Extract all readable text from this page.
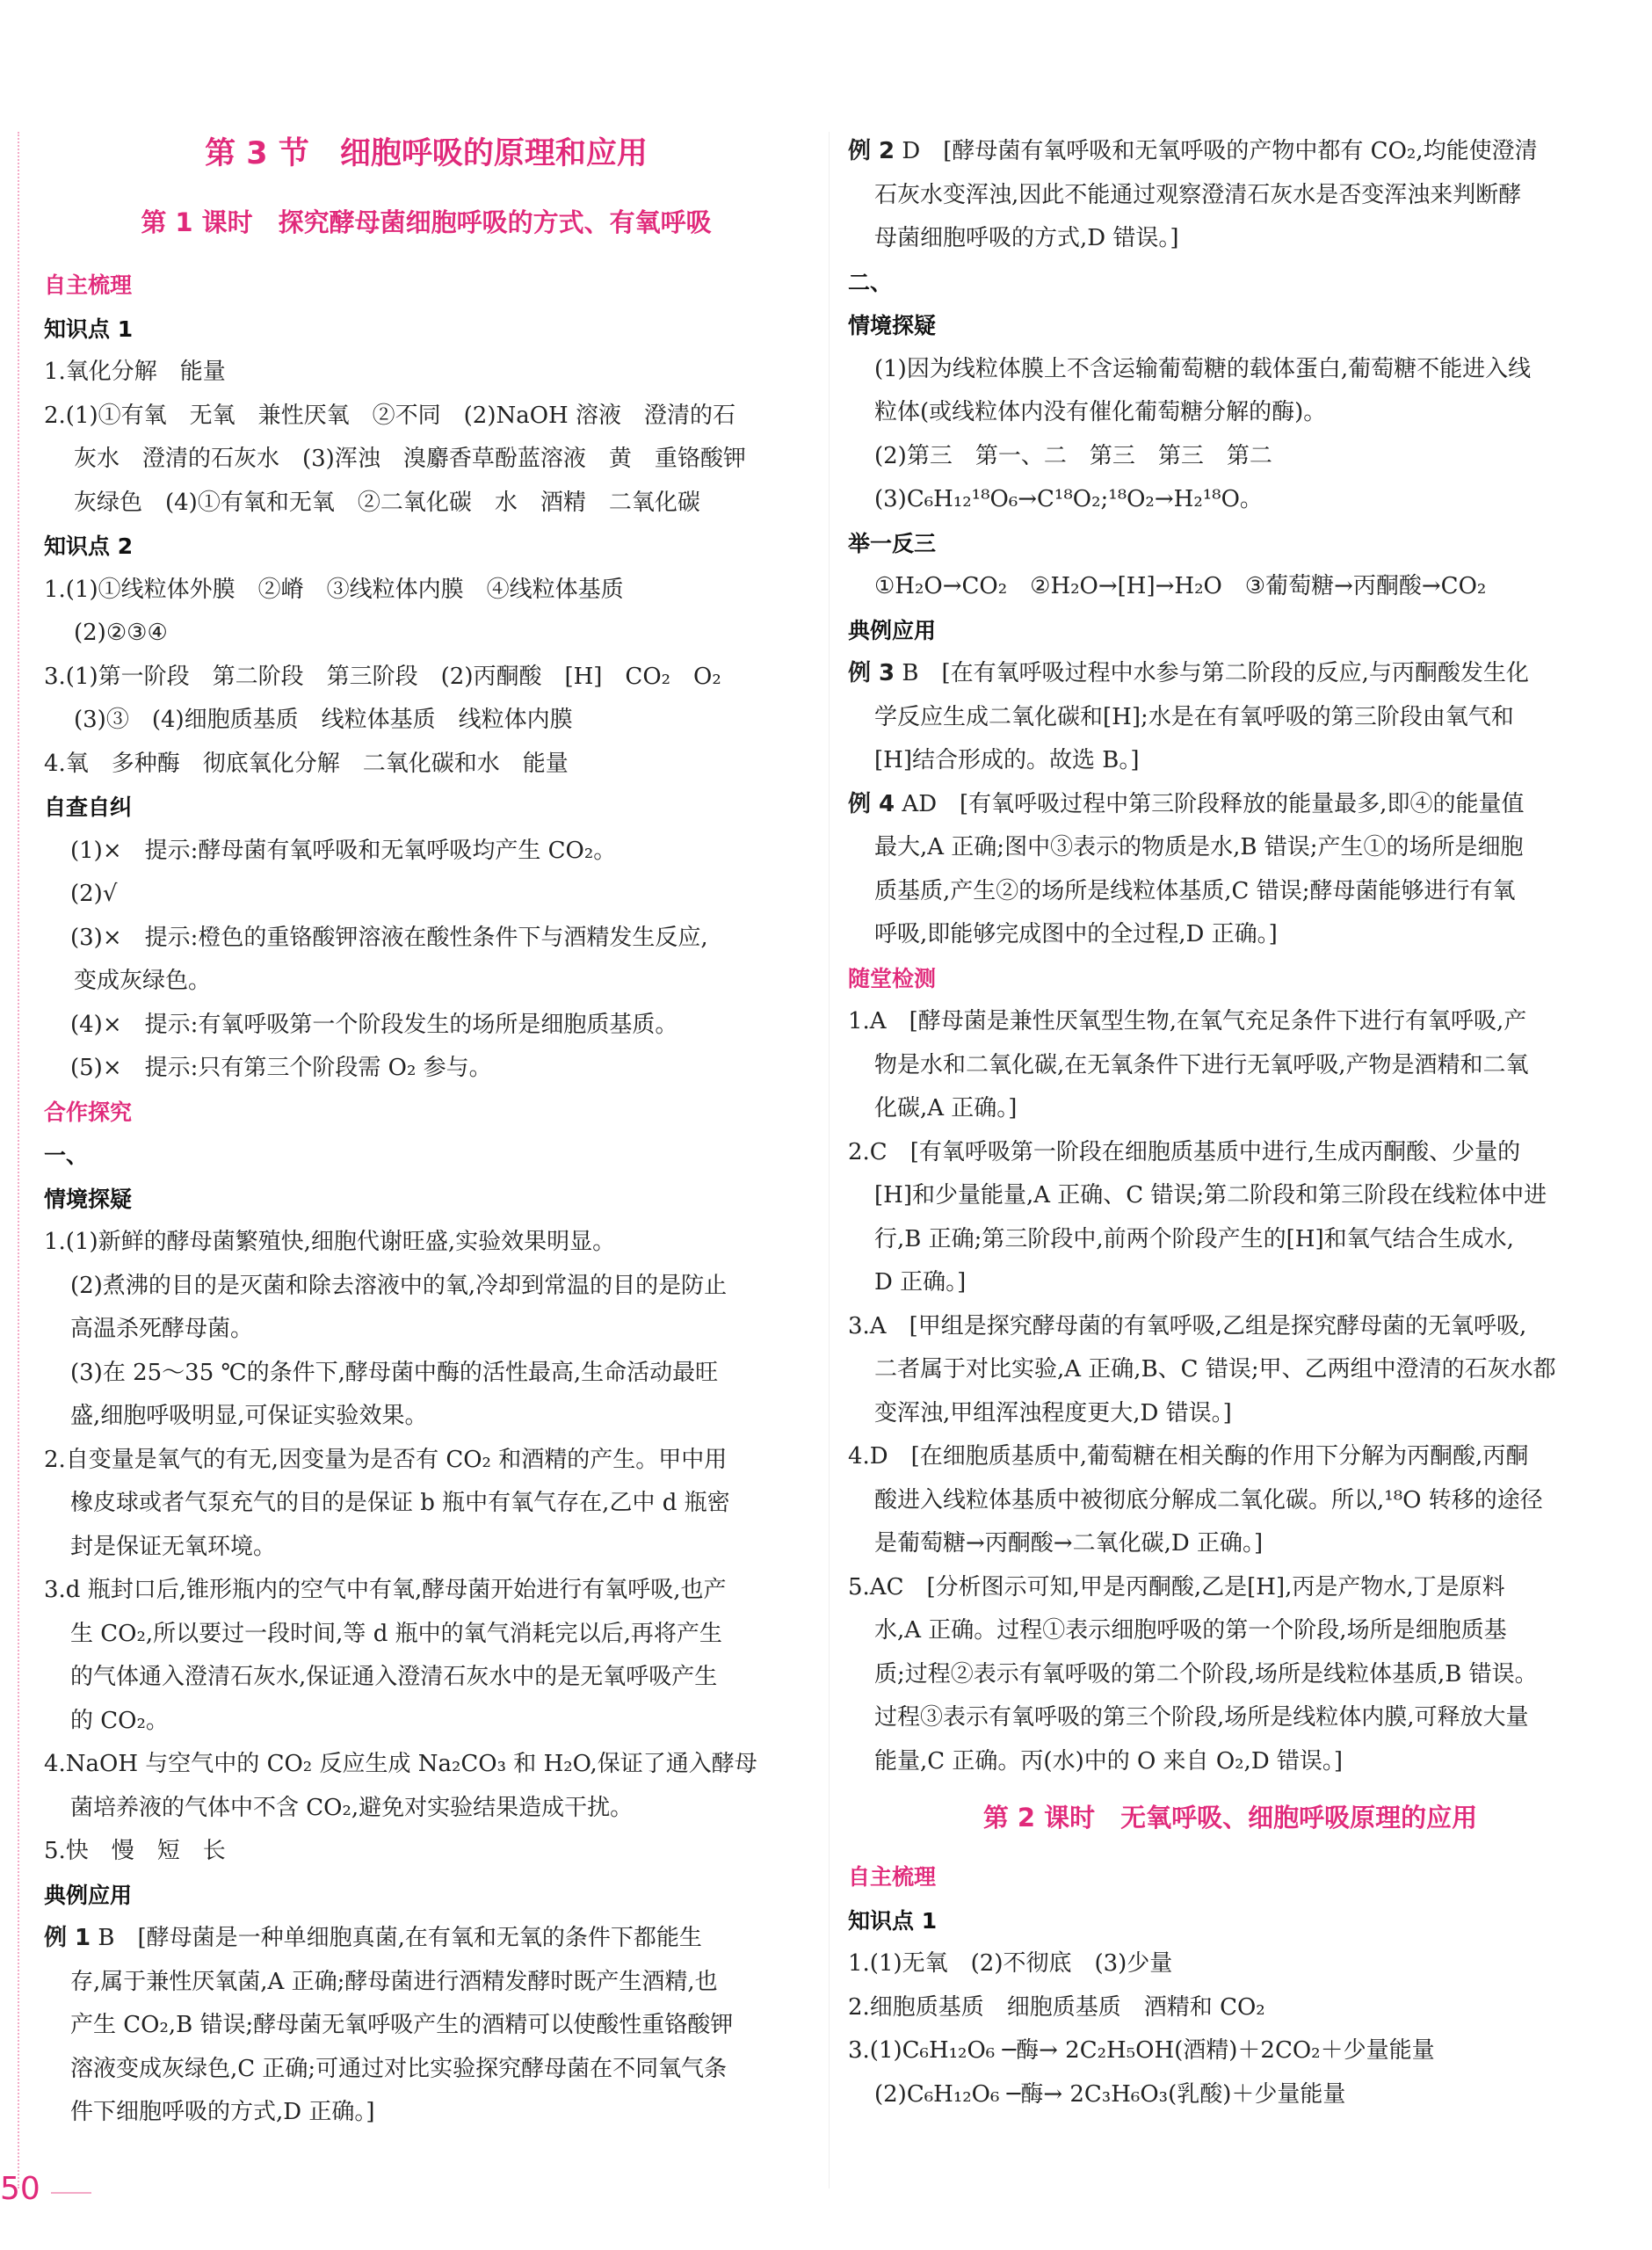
第 3 节　细胞呼吸的原理和应用
第 1 课时　探究酵母菌细胞呼吸的方式、有氧呼吸
自主梳理
知识点 1
1.氧化分解　能量
2.(1)①有氧　无氧　兼性厌氧　②不同　(2)NaOH 溶液　澄清的石
灰水　澄清的石灰水　(3)浑浊　溴麝香草酚蓝溶液　黄　重铬酸钾
灰绿色　(4)①有氧和无氧　②二氧化碳　水　酒精　二氧化碳
知识点 2
1.(1)①线粒体外膜　②嵴　③线粒体内膜　④线粒体基质
(2)②③④
3.(1)第一阶段　第二阶段　第三阶段　(2)丙酮酸　[H]　CO₂　O₂
(3)③　(4)细胞质基质　线粒体基质　线粒体内膜
4.氧　多种酶　彻底氧化分解　二氧化碳和水　能量
自查自纠
(1)×　提示:酵母菌有氧呼吸和无氧呼吸均产生 CO₂。
(2)√
(3)×　提示:橙色的重铬酸钾溶液在酸性条件下与酒精发生反应,
变成灰绿色。
(4)×　提示:有氧呼吸第一个阶段发生的场所是细胞质基质。
(5)×　提示:只有第三个阶段需 O₂ 参与。
合作探究
一、
情境探疑
1.(1)新鲜的酵母菌繁殖快,细胞代谢旺盛,实验效果明显。
(2)煮沸的目的是灭菌和除去溶液中的氧,冷却到常温的目的是防止
高温杀死酵母菌。
(3)在 25～35 ℃的条件下,酵母菌中酶的活性最高,生命活动最旺
盛,细胞呼吸明显,可保证实验效果。
2.自变量是氧气的有无,因变量为是否有 CO₂ 和酒精的产生。甲中用
橡皮球或者气泵充气的目的是保证 b 瓶中有氧气存在,乙中 d 瓶密
封是保证无氧环境。
3.d 瓶封口后,锥形瓶内的空气中有氧,酵母菌开始进行有氧呼吸,也产
生 CO₂,所以要过一段时间,等 d 瓶中的氧气消耗完以后,再将产生
的气体通入澄清石灰水,保证通入澄清石灰水中的是无氧呼吸产生
的 CO₂。
4.NaOH 与空气中的 CO₂ 反应生成 Na₂CO₃ 和 H₂O,保证了通入酵母
菌培养液的气体中不含 CO₂,避免对实验结果造成干扰。
5.快　慢　短　长
典例应用
例 1 B　[酵母菌是一种单细胞真菌,在有氧和无氧的条件下都能生
存,属于兼性厌氧菌,A 正确;酵母菌进行酒精发酵时既产生酒精,也
产生 CO₂,B 错误;酵母菌无氧呼吸产生的酒精可以使酸性重铬酸钾
溶液变成灰绿色,C 正确;可通过对比实验探究酵母菌在不同氧气条
件下细胞呼吸的方式,D 正确。]
例 2 D　[酵母菌有氧呼吸和无氧呼吸的产物中都有 CO₂,均能使澄清
石灰水变浑浊,因此不能通过观察澄清石灰水是否变浑浊来判断酵
母菌细胞呼吸的方式,D 错误。]
二、
情境探疑
(1)因为线粒体膜上不含运输葡萄糖的载体蛋白,葡萄糖不能进入线
粒体(或线粒体内没有催化葡萄糖分解的酶)。
(2)第三　第一、二　第三　第三　第二
(3)C₆H₁₂¹⁸O₆→C¹⁸O₂;¹⁸O₂→H₂¹⁸O。
举一反三
①H₂O→CO₂　②H₂O→[H]→H₂O　③葡萄糖→丙酮酸→CO₂
典例应用
例 3 B　[在有氧呼吸过程中水参与第二阶段的反应,与丙酮酸发生化
学反应生成二氧化碳和[H];水是在有氧呼吸的第三阶段由氧气和
[H]结合形成的。故选 B。]
例 4 AD　[有氧呼吸过程中第三阶段释放的能量最多,即④的能量值
最大,A 正确;图中③表示的物质是水,B 错误;产生①的场所是细胞
质基质,产生②的场所是线粒体基质,C 错误;酵母菌能够进行有氧
呼吸,即能够完成图中的全过程,D 正确。]
随堂检测
1.A　[酵母菌是兼性厌氧型生物,在氧气充足条件下进行有氧呼吸,产
物是水和二氧化碳,在无氧条件下进行无氧呼吸,产物是酒精和二氧
化碳,A 正确。]
2.C　[有氧呼吸第一阶段在细胞质基质中进行,生成丙酮酸、少量的
[H]和少量能量,A 正确、C 错误;第二阶段和第三阶段在线粒体中进
行,B 正确;第三阶段中,前两个阶段产生的[H]和氧气结合生成水,
D 正确。]
3.A　[甲组是探究酵母菌的有氧呼吸,乙组是探究酵母菌的无氧呼吸,
二者属于对比实验,A 正确,B、C 错误;甲、乙两组中澄清的石灰水都
变浑浊,甲组浑浊程度更大,D 错误。]
4.D　[在细胞质基质中,葡萄糖在相关酶的作用下分解为丙酮酸,丙酮
酸进入线粒体基质中被彻底分解成二氧化碳。所以,¹⁸O 转移的途径
是葡萄糖→丙酮酸→二氧化碳,D 正确。]
5.AC　[分析图示可知,甲是丙酮酸,乙是[H],丙是产物水,丁是原料
水,A 正确。过程①表示细胞呼吸的第一个阶段,场所是细胞质基
质;过程②表示有氧呼吸的第二个阶段,场所是线粒体基质,B 错误。
过程③表示有氧呼吸的第三个阶段,场所是线粒体内膜,可释放大量
能量,C 正确。丙(水)中的 O 来自 O₂,D 错误。]
第 2 课时　无氧呼吸、细胞呼吸原理的应用
自主梳理
知识点 1
1.(1)无氧　(2)不彻底　(3)少量
2.细胞质基质　细胞质基质　酒精和 CO₂
3.(1)C₆H₁₂O₆ ─酶→ 2C₂H₅OH(酒精)＋2CO₂＋少量能量
(2)C₆H₁₂O₆ ─酶→ 2C₃H₆O₃(乳酸)＋少量能量
50
